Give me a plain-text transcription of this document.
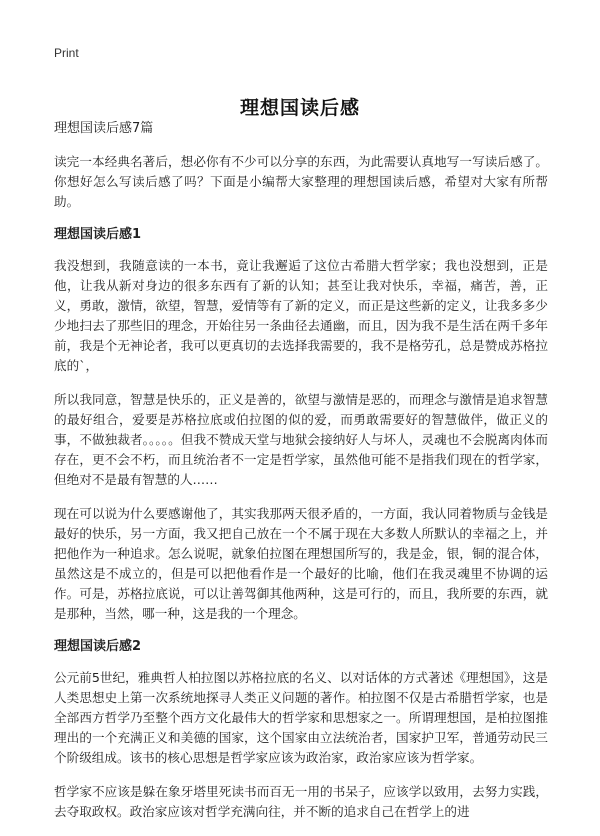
Print
理想国读后感
理想国读后感7篇

读完一本经典名著后，想必你有不少可以分享的东西，为此需要认真地写一写读后感了。你想好怎么写读后感了吗？下面是小编帮大家整理的理想国读后感，希望对大家有所帮助。

理想国读后感1

我没想到，我随意读的一本书，竟让我邂逅了这位古希腊大哲学家；我也没想到，正是他，让我从新对身边的很多东西有了新的认知；甚至让我对快乐，幸福，痛苦，善，正义，勇敢，激情，欲望，智慧，爱情等有了新的定义，而正是这些新的定义，让我多多少少地扫去了那些旧的理念，开始往另一条曲径去通幽，而且，因为我不是生活在两千多年前，我是个无神论者，我可以更真切的去选择我需要的，我不是格劳孔，总是赞成苏格拉底的`，

所以我同意，智慧是快乐的，正义是善的，欲望与激情是恶的，而理念与激情是追求智慧的最好组合，爱要是苏格拉底或伯拉图的似的爱，而勇敢需要好的智慧做伴，做正义的事，不做独裁者。。。。。但我不赞成天堂与地狱会接纳好人与坏人，灵魂也不会脱离肉体而存在，更不会不朽，而且统治者不一定是哲学家，虽然他可能不是指我们现在的哲学家，但绝对不是最有智慧的人……

现在可以说为什么要感谢他了，其实我那两天很矛盾的，一方面，我认同着物质与金钱是最好的快乐，另一方面，我又把自己放在一个不属于现在大多数人所默认的幸福之上，并把他作为一种追求。怎么说呢，就象伯拉图在理想国所写的，我是金，银，铜的混合体，虽然这是不成立的，但是可以把他看作是一个最好的比喻，他们在我灵魂里不协调的运作。可是，苏格拉底说，可以让善驾御其他两种，这是可行的，而且，我所要的东西，就是那种，当然，哪一种，这是我的一个理念。

理想国读后感2

公元前5世纪，雅典哲人柏拉图以苏格拉底的名义、以对话体的方式著述《理想国》，这是人类思想史上第一次系统地探寻人类正义问题的著作。柏拉图不仅是古希腊哲学家，也是全部西方哲学乃至整个西方文化最伟大的哲学家和思想家之一。所谓理想国，是柏拉图推理出的一个充满正义和美德的国家，这个国家由立法统治者，国家护卫军，普通劳动民三个阶级组成。该书的核心思想是哲学家应该为政治家，政治家应该为哲学家。

哲学家不应该是躲在象牙塔里死读书而百无一用的书呆子，应该学以致用，去努力实践，去夺取政权。政治家应该对哲学充满向往，并不断的追求自己在哲学上的进
